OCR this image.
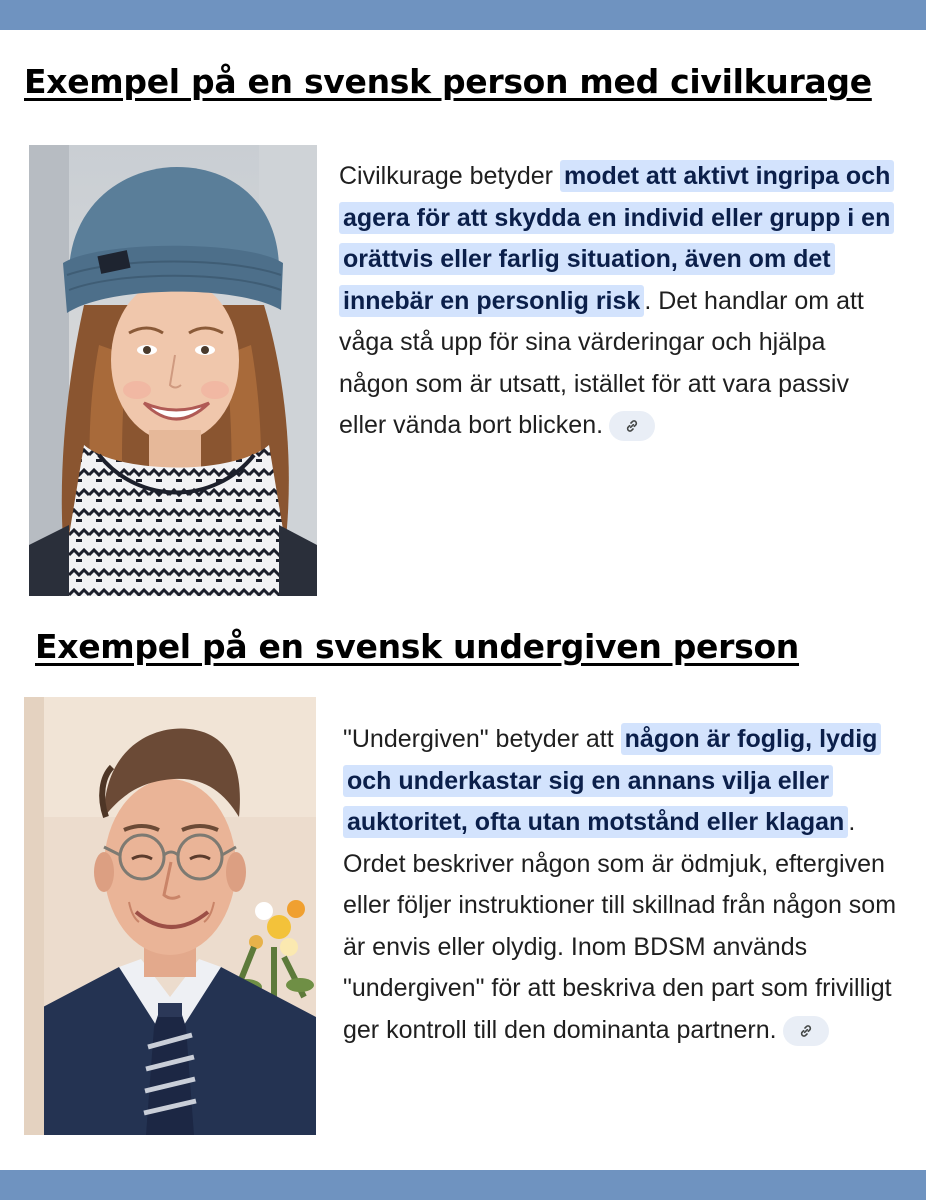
Exempel på en svensk person med civilkurage

Civilkurage betyder modet att aktivt ingripa och agera för att skydda en individ eller grupp i en orättvis eller farlig situation, även om det innebär en personlig risk . Det handlar om att våga stå upp för sina värderingar och hjälpa någon som är utsatt, istället för att vara passiv eller vända bort blicken.

Exempel på en svensk undergiven person

"Undergiven" betyder att någon är foglig, lydig och underkastar sig en annans vilja eller auktoritet, ofta utan motstånd eller klagan . Ordet beskriver någon som är ödmjuk, eftergiven eller följer instruktioner till skillnad från någon som är envis eller olydig. Inom BDSM används "undergiven" för att beskriva den part som frivilligt ger kontroll till den dominanta partnern.
